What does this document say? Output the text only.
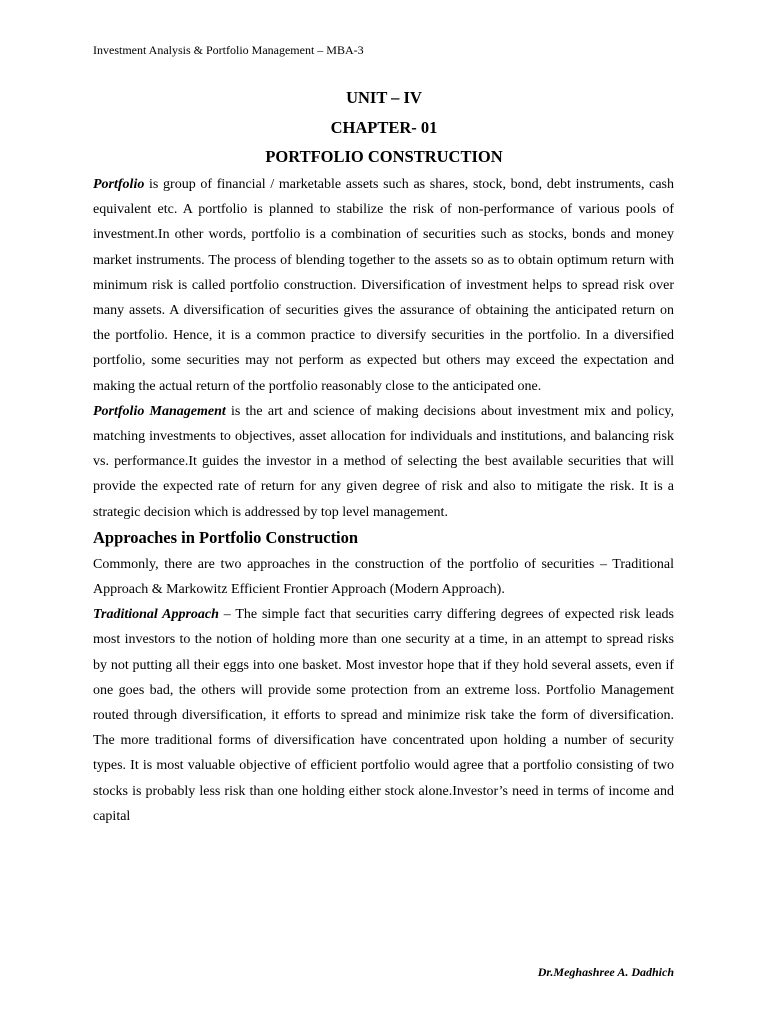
Investment Analysis & Portfolio Management – MBA-3
UNIT – IV
CHAPTER- 01
PORTFOLIO CONSTRUCTION

Portfolio is group of financial / marketable assets such as shares, stock, bond, debt instruments, cash equivalent etc. A portfolio is planned to stabilize the risk of non-performance of various pools of investment.In other words, portfolio is a combination of securities such as stocks, bonds and money market instruments. The process of blending together to the assets so as to obtain optimum return with minimum risk is called portfolio construction. Diversification of investment helps to spread risk over many assets. A diversification of securities gives the assurance of obtaining the anticipated return on the portfolio. Hence, it is a common practice to diversify securities in the portfolio. In a diversified portfolio, some securities may not perform as expected but others may exceed the expectation and making the actual return of the portfolio reasonably close to the anticipated one.

Portfolio Management is the art and science of making decisions about investment mix and policy, matching investments to objectives, asset allocation for individuals and institutions, and balancing risk vs. performance.It guides the investor in a method of selecting the best available securities that will provide the expected rate of return for any given degree of risk and also to mitigate the risk. It is a strategic decision which is addressed by top level management.

Approaches in Portfolio Construction

Commonly, there are two approaches in the construction of the portfolio of securities – Traditional Approach & Markowitz Efficient Frontier Approach (Modern Approach).

Traditional Approach – The simple fact that securities carry differing degrees of expected risk leads most investors to the notion of holding more than one security at a time, in an attempt to spread risks by not putting all their eggs into one basket. Most investor hope that if they hold several assets, even if one goes bad, the others will provide some protection from an extreme loss. Portfolio Management routed through diversification, it efforts to spread and minimize risk take the form of diversification. The more traditional forms of diversification have concentrated upon holding a number of security types. It is most valuable objective of efficient portfolio would agree that a portfolio consisting of two stocks is probably less risk than one holding either stock alone.Investor’s need in terms of income and capital

Dr.Meghashree A. Dadhich
